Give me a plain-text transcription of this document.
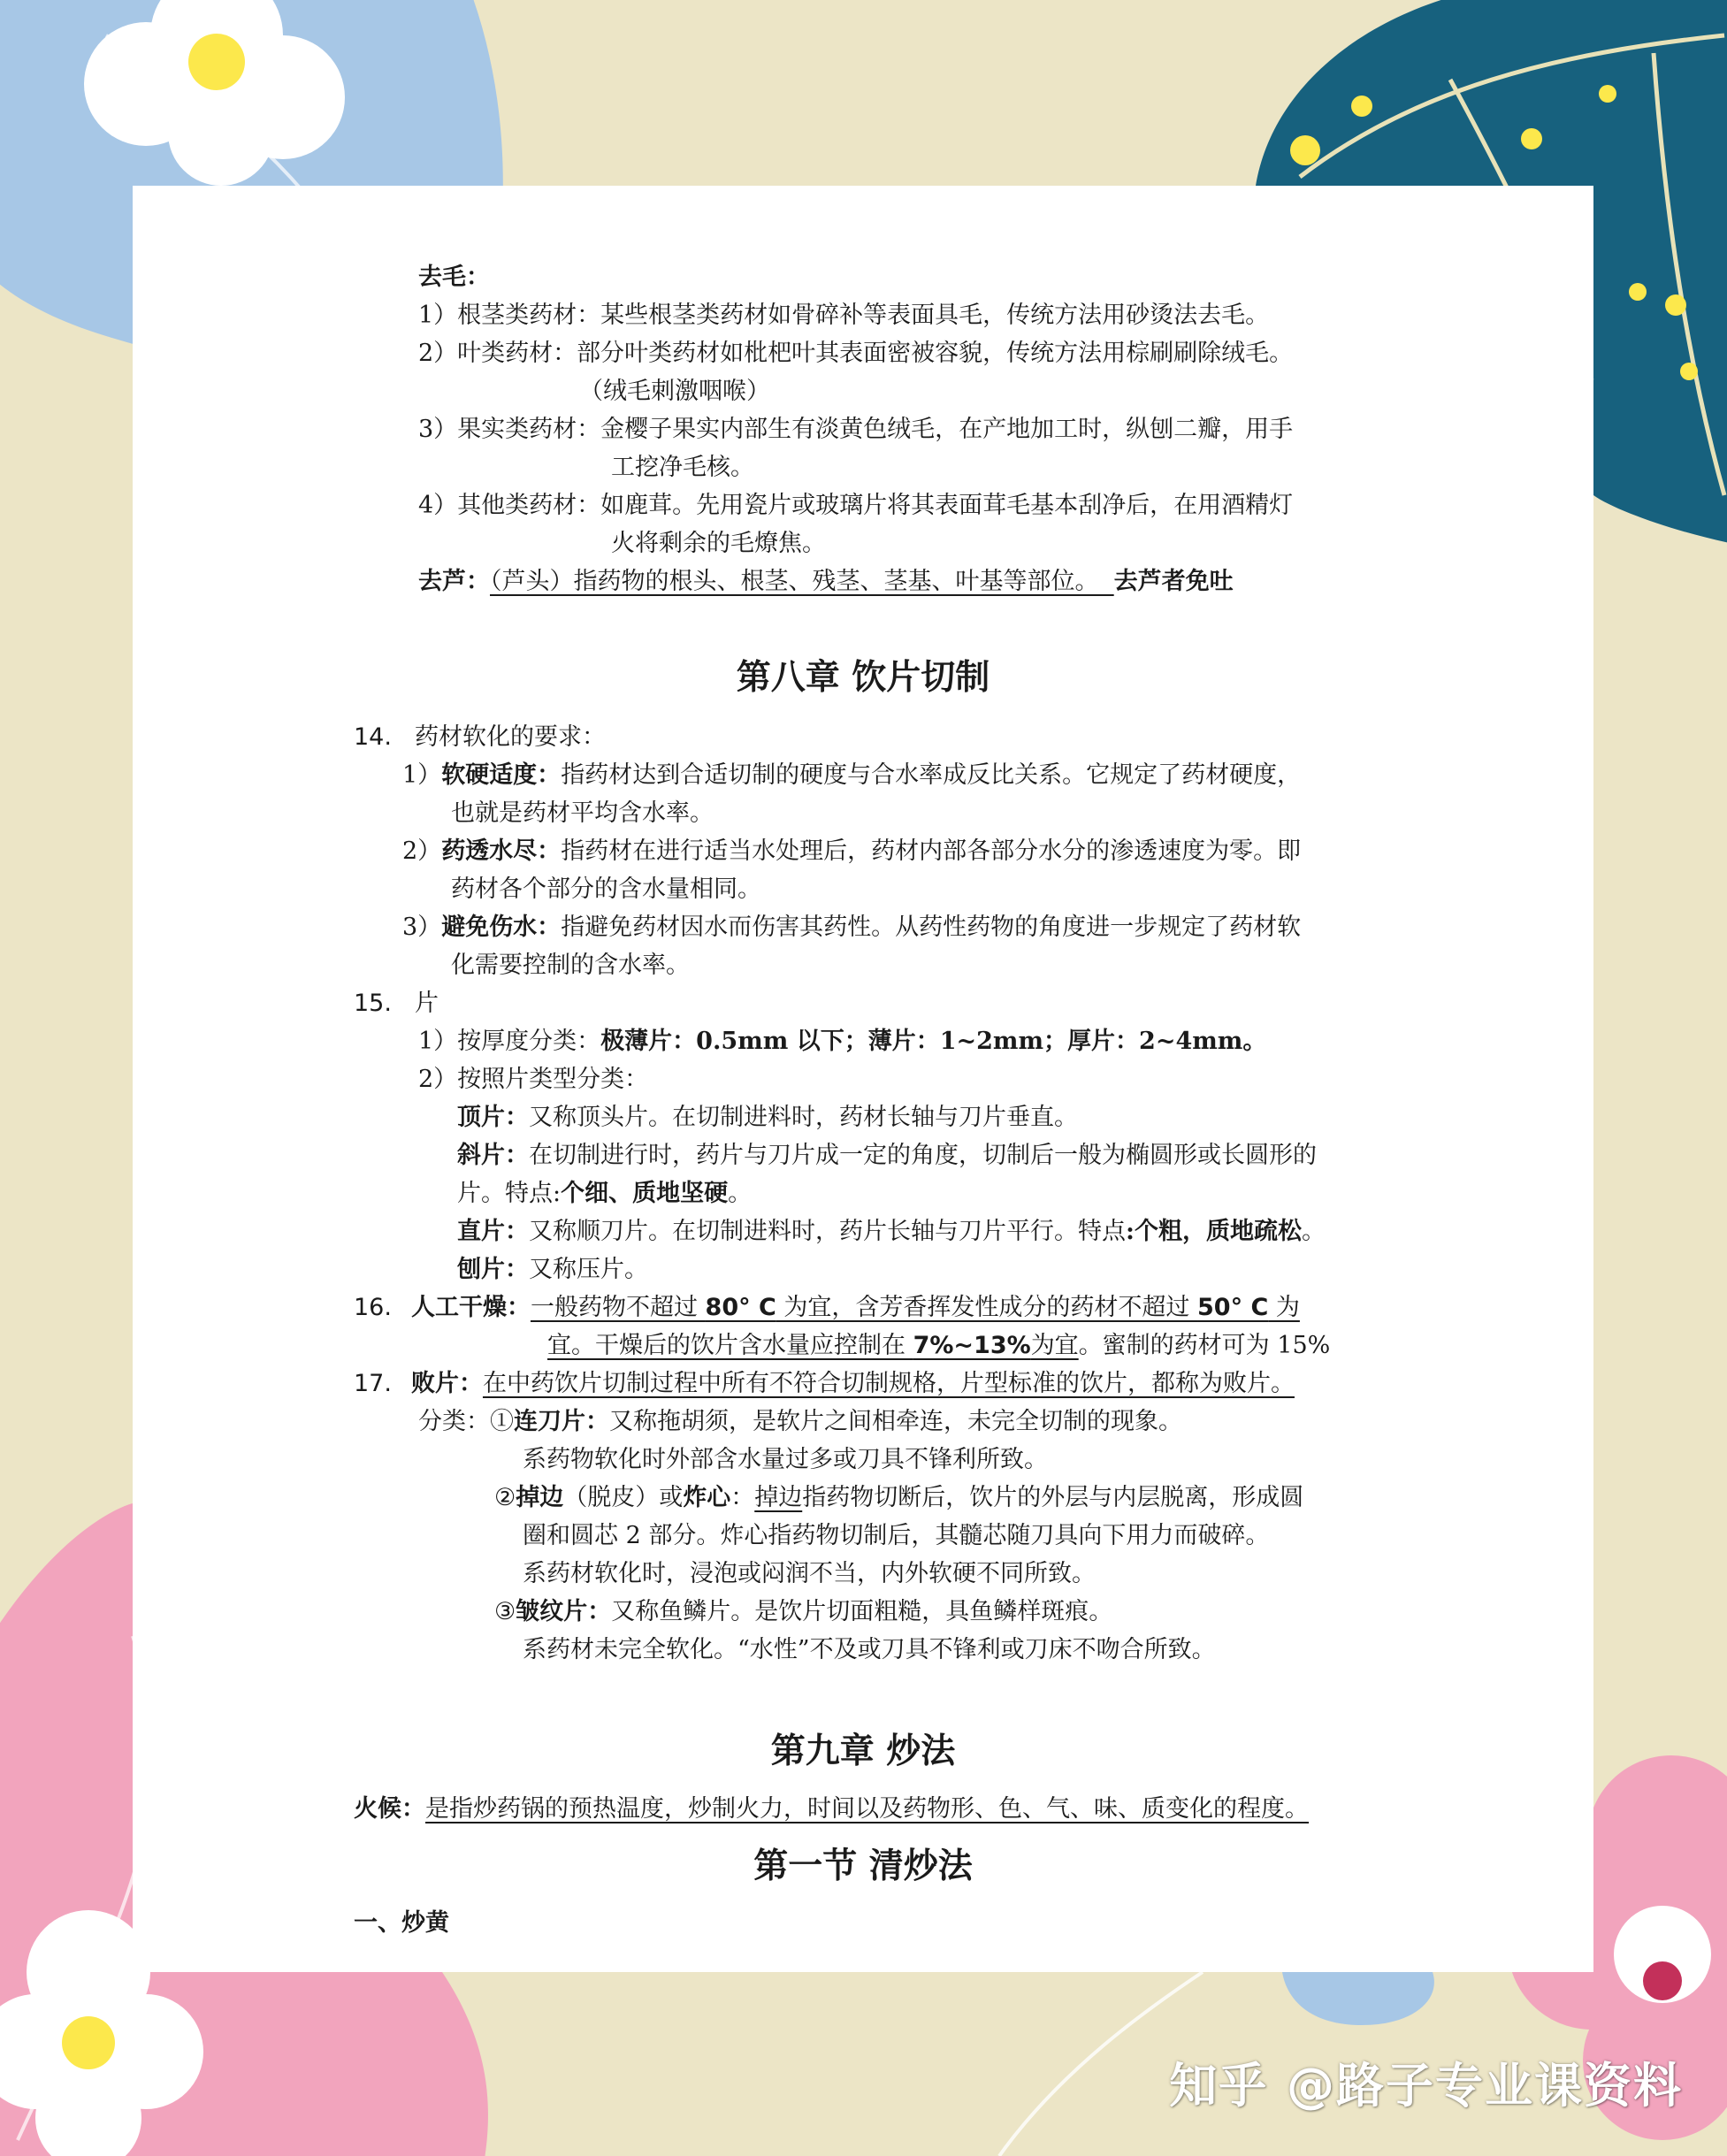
去毛：
1）根茎类药材：某些根茎类药材如骨碎补等表面具毛，传统方法用砂烫法去毛。
2）叶类药材：部分叶类药材如枇杷叶其表面密被容貌，传统方法用棕刷刷除绒毛。
（绒毛刺激咽喉）
3）果实类药材：金樱子果实内部生有淡黄色绒毛，在产地加工时，纵刨二瓣，用手
工挖净毛核。
4）其他类药材：如鹿茸。先用瓷片或玻璃片将其表面茸毛基本刮净后，在用酒精灯
火将剩余的毛燎焦。
去芦：（芦头）指药物的根头、根茎、残茎、茎基、叶基等部位。 去芦者免吐
第八章 饮片切制
14. 药材软化的要求：
1）软硬适度：指药材达到合适切制的硬度与合水率成反比关系。它规定了药材硬度，
也就是药材平均含水率。
2）药透水尽：指药材在进行适当水处理后，药材内部各部分水分的渗透速度为零。即
药材各个部分的含水量相同。
3）避免伤水：指避免药材因水而伤害其药性。从药性药物的角度进一步规定了药材软
化需要控制的含水率。
15. 片
1）按厚度分类：极薄片：0.5mm 以下；薄片：1~2mm；厚片：2~4mm。
2）按照片类型分类：
顶片：又称顶头片。在切制进料时，药材长轴与刀片垂直。
斜片：在切制进行时，药片与刀片成一定的角度，切制后一般为椭圆形或长圆形的
片。特点:个细、质地坚硬。
直片：又称顺刀片。在切制进料时，药片长轴与刀片平行。特点:个粗，质地疏松。
刨片：又称压片。
16. 人工干燥：一般药物不超过 80° C 为宜，含芳香挥发性成分的药材不超过 50° C 为
宜。干燥后的饮片含水量应控制在 7%~13%为宜。蜜制的药材可为 15%
17. 败片：在中药饮片切制过程中所有不符合切制规格，片型标准的饮片，都称为败片。
分类：①连刀片：又称拖胡须，是软片之间相牵连，未完全切制的现象。
系药物软化时外部含水量过多或刀具不锋利所致。
②掉边（脱皮）或炸心：掉边指药物切断后，饮片的外层与内层脱离，形成圆
圈和圆芯 2 部分。炸心指药物切制后，其髓芯随刀具向下用力而破碎。
系药材软化时，浸泡或闷润不当，内外软硬不同所致。
③皱纹片：又称鱼鳞片。是饮片切面粗糙，具鱼鳞样斑痕。
系药材未完全软化。“水性”不及或刀具不锋利或刀床不吻合所致。
第九章 炒法
火候：是指炒药锅的预热温度，炒制火力，时间以及药物形、色、气、味、质变化的程度。
第一节 清炒法
一、炒黄
知乎 @路子专业课资料
